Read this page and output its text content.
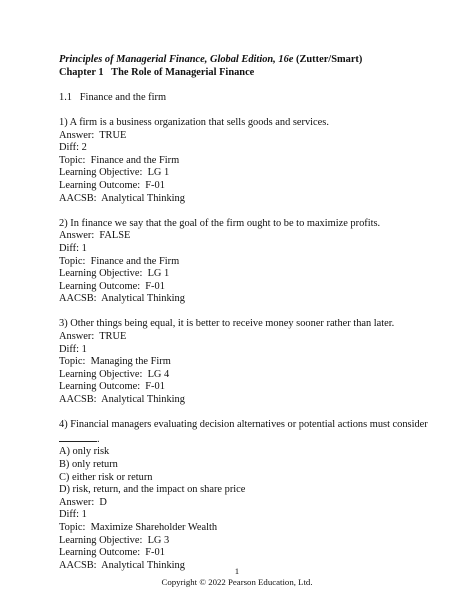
Principles of Managerial Finance, Global Edition, 16e (Zutter/Smart)
Chapter 1   The Role of Managerial Finance
1.1   Finance and the firm
1) A firm is a business organization that sells goods and services.
Answer:  TRUE
Diff: 2
Topic:  Finance and the Firm
Learning Objective:  LG 1
Learning Outcome:  F-01
AACSB:  Analytical Thinking
2) In finance we say that the goal of the firm ought to be to maximize profits.
Answer:  FALSE
Diff: 1
Topic:  Finance and the Firm
Learning Objective:  LG 1
Learning Outcome:  F-01
AACSB:  Analytical Thinking
3) Other things being equal, it is better to receive money sooner rather than later.
Answer:  TRUE
Diff: 1
Topic:  Managing the Firm
Learning Objective:  LG 4
Learning Outcome:  F-01
AACSB:  Analytical Thinking
4) Financial managers evaluating decision alternatives or potential actions must consider
.
A) only risk
B) only return
C) either risk or return
D) risk, return, and the impact on share price
Answer:  D
Diff: 1
Topic:  Maximize Shareholder Wealth
Learning Objective:  LG 3
Learning Outcome:  F-01
AACSB:  Analytical Thinking
1
Copyright © 2022 Pearson Education, Ltd.
